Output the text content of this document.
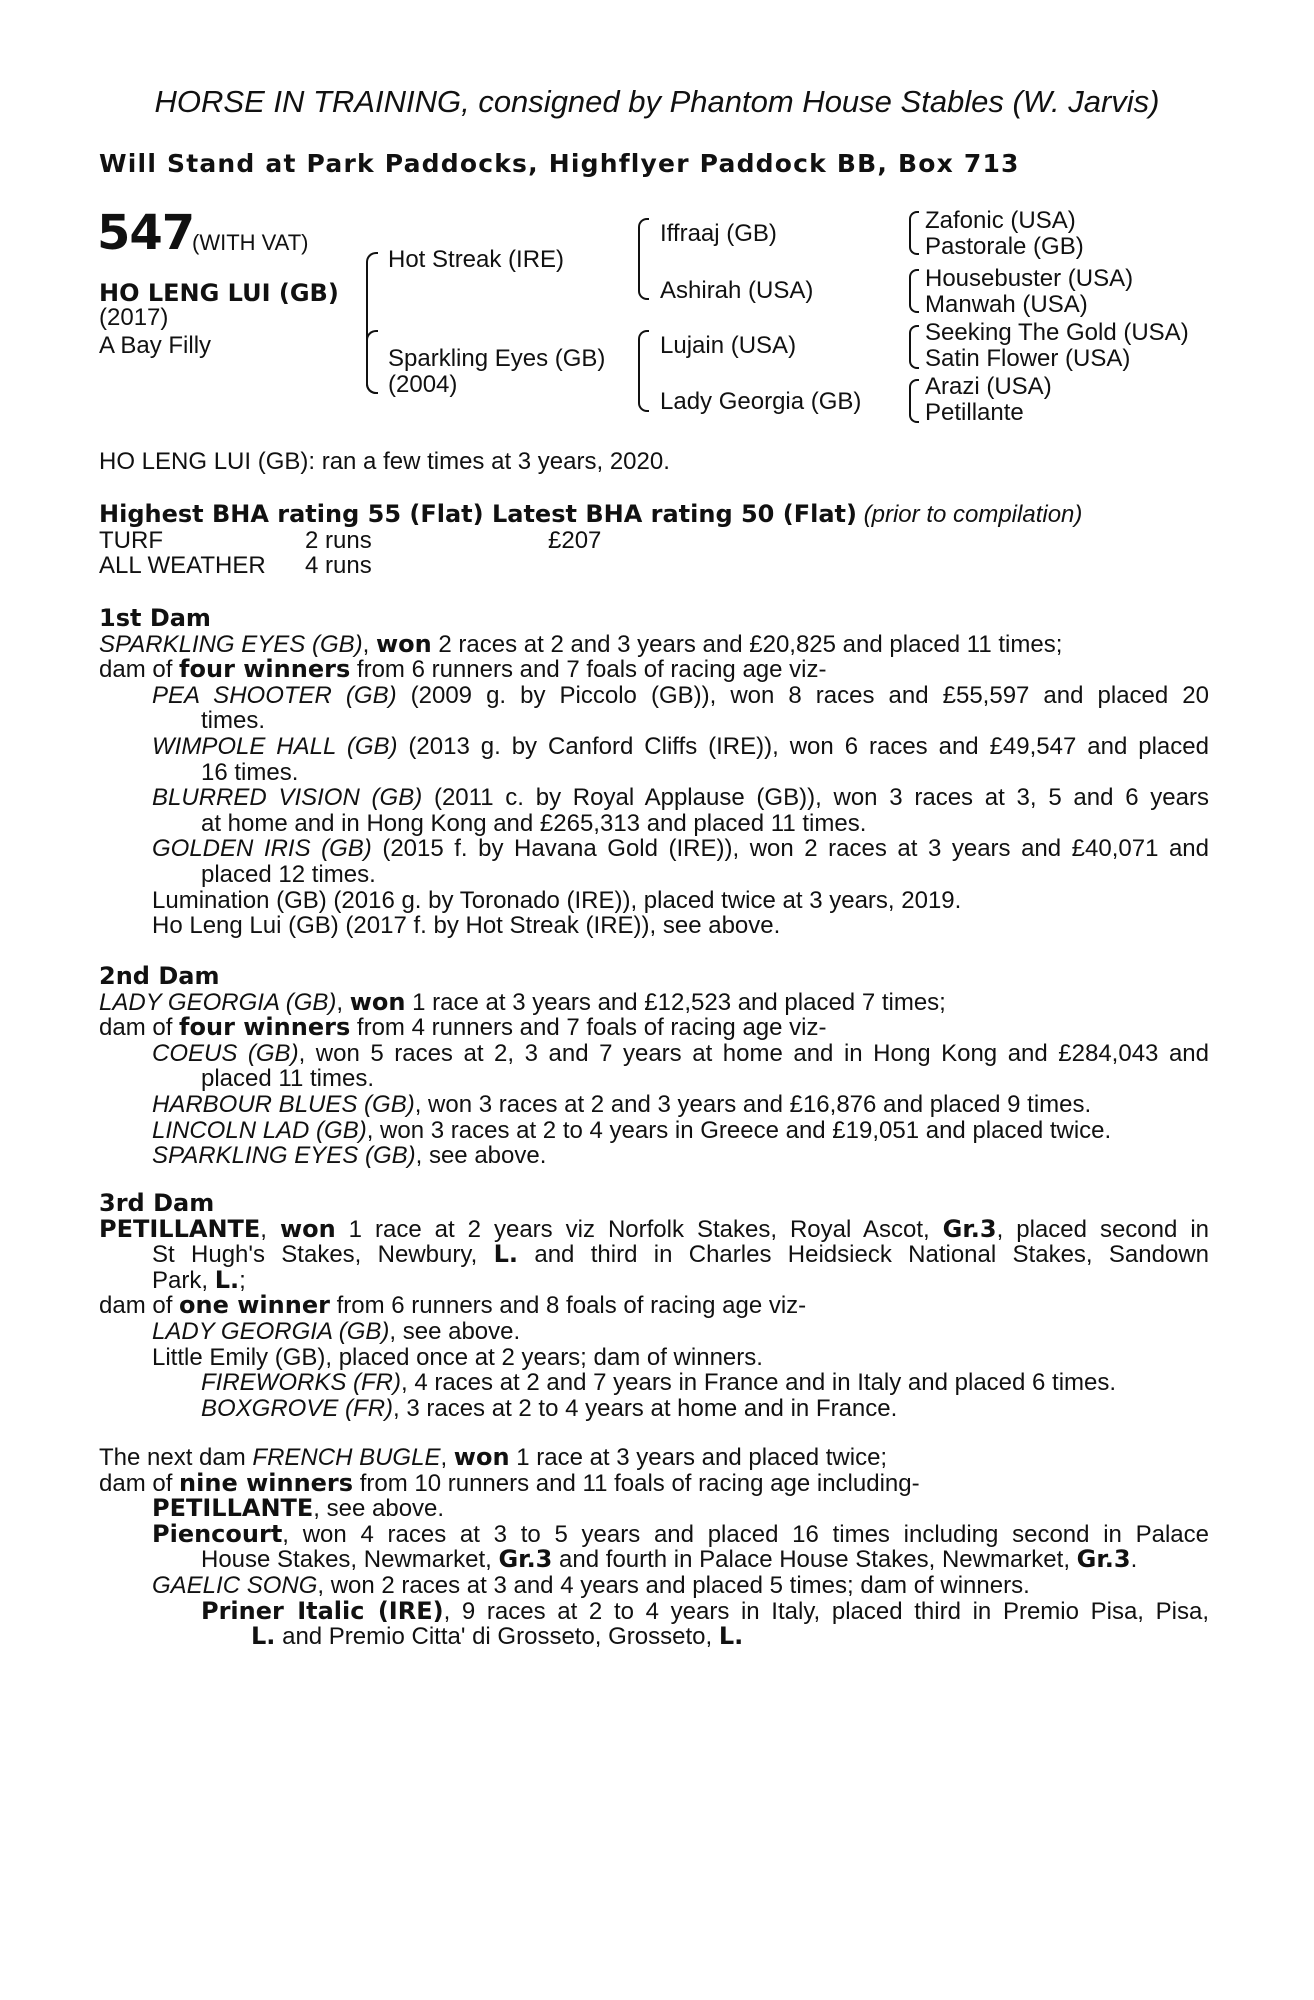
HORSE IN TRAINING, consigned by Phantom House Stables (W. Jarvis)
Will Stand at Park Paddocks, Highflyer Paddock BB, Box 713
547
(WITH VAT)
HO LENG LUI (GB)
(2017)
A Bay Filly
Hot Streak (IRE)
Sparkling Eyes (GB)
(2004)
Iffraaj (GB)
Ashirah (USA)
Lujain (USA)
Lady Georgia (GB)
Zafonic (USA)
Pastorale (GB)
Housebuster (USA)
Manwah (USA)
Seeking The Gold (USA)
Satin Flower (USA)
Arazi (USA)
Petillante
HO LENG LUI (GB): ran a few times at 3 years, 2020.
Highest BHA rating 55 (Flat) Latest BHA rating 50 (Flat) (prior to compilation)
TURF	2 runs	£207
ALL WEATHER 4 runs
1st Dam
SPARKLING EYES (GB), won 2 races at 2 and 3 years and £20,825 and placed 11 times;
dam of four winners from 6 runners and 7 foals of racing age viz-
PEA SHOOTER (GB) (2009 g. by Piccolo (GB)), won 8 races and £55,597 and placed 20
times.
WIMPOLE HALL (GB) (2013 g. by Canford Cliffs (IRE)), won 6 races and £49,547 and placed
16 times.
BLURRED VISION (GB) (2011 c. by Royal Applause (GB)), won 3 races at 3, 5 and 6 years
at home and in Hong Kong and £265,313 and placed 11 times.
GOLDEN IRIS (GB) (2015 f. by Havana Gold (IRE)), won 2 races at 3 years and £40,071 and
placed 12 times.
Lumination (GB) (2016 g. by Toronado (IRE)), placed twice at 3 years, 2019.
Ho Leng Lui (GB) (2017 f. by Hot Streak (IRE)), see above.
2nd Dam
LADY GEORGIA (GB), won 1 race at 3 years and £12,523 and placed 7 times;
dam of four winners from 4 runners and 7 foals of racing age viz-
COEUS (GB), won 5 races at 2, 3 and 7 years at home and in Hong Kong and £284,043 and
placed 11 times.
HARBOUR BLUES (GB), won 3 races at 2 and 3 years and £16,876 and placed 9 times.
LINCOLN LAD (GB), won 3 races at 2 to 4 years in Greece and £19,051 and placed twice.
SPARKLING EYES (GB), see above.
3rd Dam
PETILLANTE, won 1 race at 2 years viz Norfolk Stakes, Royal Ascot, Gr.3, placed second in
St Hugh's Stakes, Newbury, L. and third in Charles Heidsieck National Stakes, Sandown
Park, L.;
dam of one winner from 6 runners and 8 foals of racing age viz-
LADY GEORGIA (GB), see above.
Little Emily (GB), placed once at 2 years; dam of winners.
FIREWORKS (FR), 4 races at 2 and 7 years in France and in Italy and placed 6 times.
BOXGROVE (FR), 3 races at 2 to 4 years at home and in France.
The next dam FRENCH BUGLE, won 1 race at 3 years and placed twice;
dam of nine winners from 10 runners and 11 foals of racing age including-
PETILLANTE, see above.
Piencourt, won 4 races at 3 to 5 years and placed 16 times including second in Palace
House Stakes, Newmarket, Gr.3 and fourth in Palace House Stakes, Newmarket, Gr.3.
GAELIC SONG, won 2 races at 3 and 4 years and placed 5 times; dam of winners.
Priner Italic (IRE), 9 races at 2 to 4 years in Italy, placed third in Premio Pisa, Pisa,
L. and Premio Citta' di Grosseto, Grosseto, L.
